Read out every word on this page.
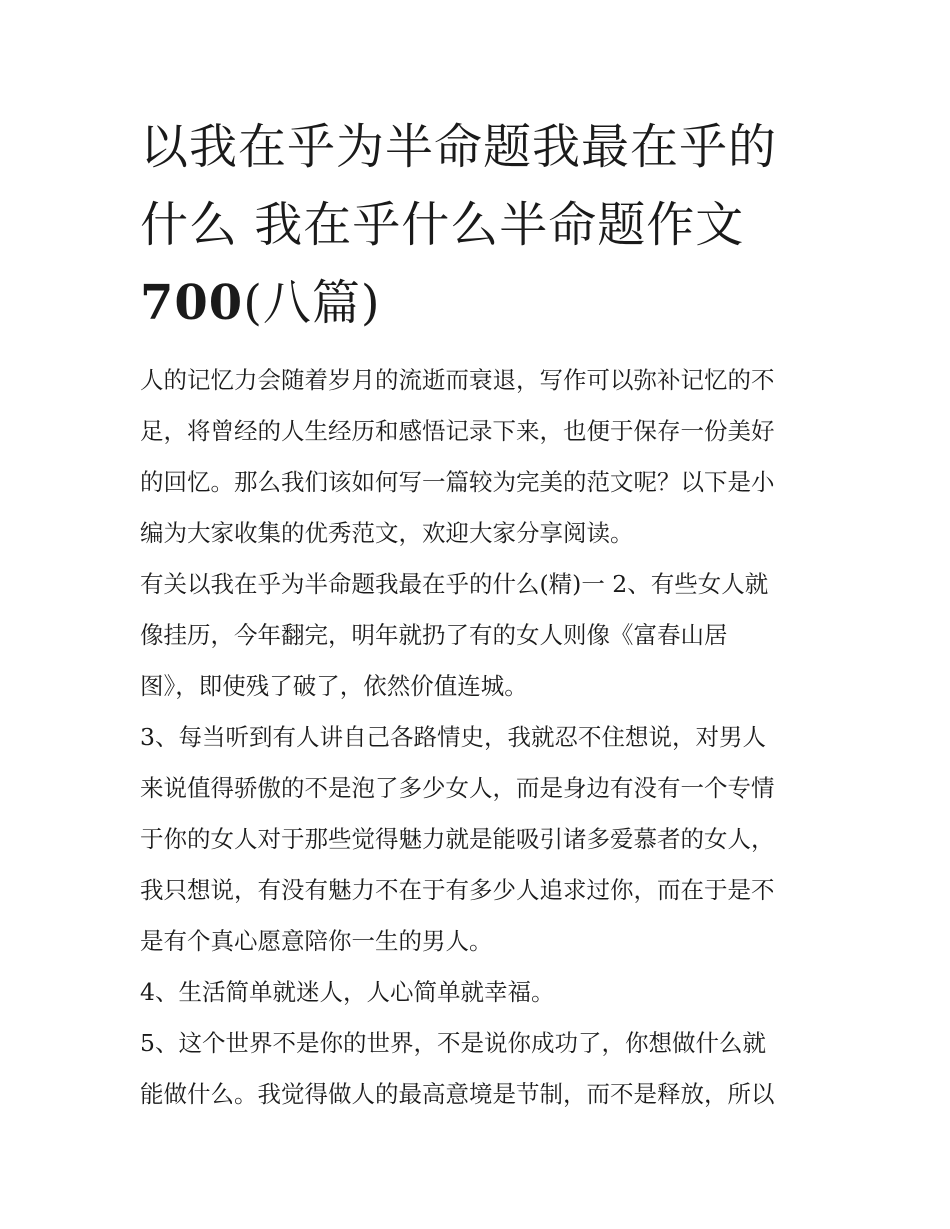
以我在乎为半命题我最在乎的
什么 我在乎什么半命题作文
700(八篇)
人的记忆力会随着岁月的流逝而衰退，写作可以弥补记忆的不
足，将曾经的人生经历和感悟记录下来，也便于保存一份美好
的回忆。那么我们该如何写一篇较为完美的范文呢？以下是小
编为大家收集的优秀范文，欢迎大家分享阅读。
有关以我在乎为半命题我最在乎的什么(精)一 2、有些女人就
像挂历，今年翻完，明年就扔了有的女人则像《富春山居
图》，即使残了破了，依然价值连城。
3、每当听到有人讲自己各路情史，我就忍不住想说，对男人
来说值得骄傲的不是泡了多少女人，而是身边有没有一个专情
于你的女人对于那些觉得魅力就是能吸引诸多爱慕者的女人，
我只想说，有没有魅力不在于有多少人追求过你，而在于是不
是有个真心愿意陪你一生的男人。
4、生活简单就迷人，人心简单就幸福。
5、这个世界不是你的世界，不是说你成功了，你想做什么就
能做什么。我觉得做人的最高意境是节制，而不是释放，所以
